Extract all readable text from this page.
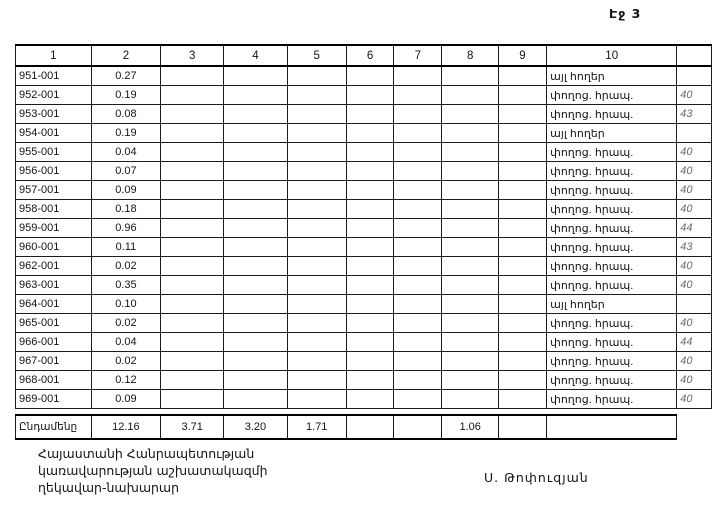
Էջ 3
1	2	3	4	5	6	7	8	9	10	
951-001	0.27								այլ հողեր	
952-001	0.19								փողոց. հրապ.	40
953-001	0.08								փողոց. հրապ.	43
954-001	0.19								այլ հողեր	
955-001	0.04								փողոց. հրապ.	40
956-001	0.07								փողոց. հրապ.	40
957-001	0.09								փողոց. հրապ.	40
958-001	0.18								փողոց. հրապ.	40
959-001	0.96								փողոց. հրապ.	44
960-001	0.11								փողոց. հրապ.	43
962-001	0.02								փողոց. հրապ.	40
963-001	0.35								փողոց. հրապ.	40
964-001	0.10								այլ հողեր	
965-001	0.02								փողոց. հրապ.	40
966-001	0.04								փողոց. հրապ.	44
967-001	0.02								փողոց. հրապ.	40
968-001	0.12								փողոց. հրապ.	40
969-001	0.09								փողոց. հրապ.	40

Ընդամենը	12.16	3.71	3.20	1.71			1.06			
Հայաստանի Հանրապետության
կառավարության աշխատակազմի
ղեկավար-նախարար
Ս. Թոփուզյան
